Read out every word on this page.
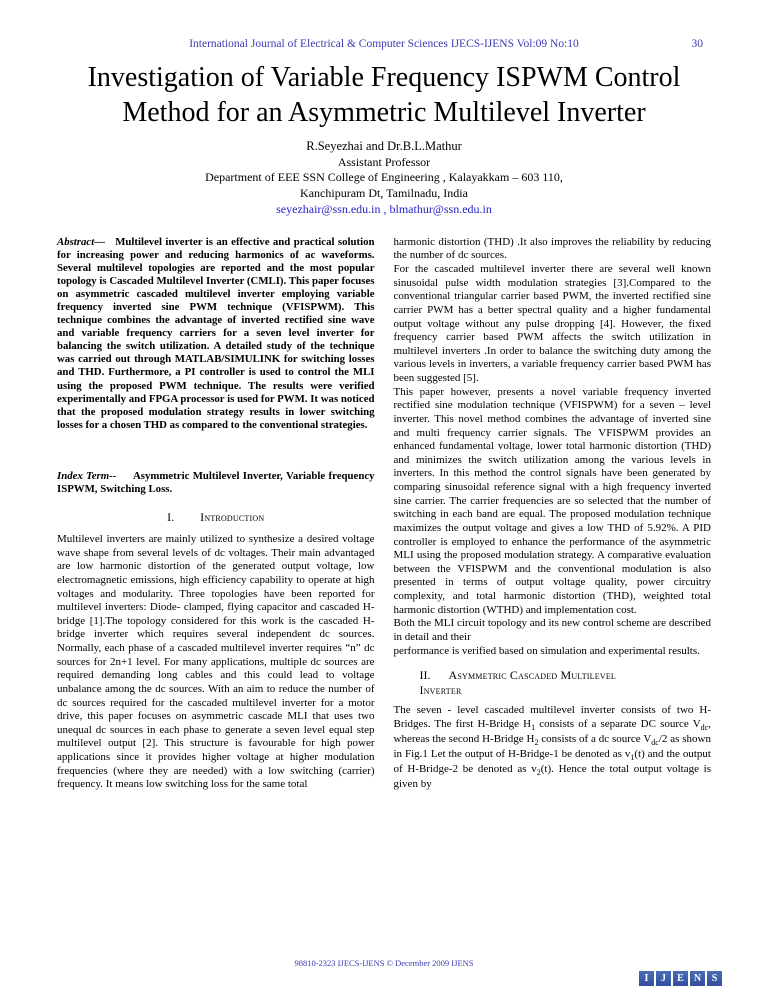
International Journal of Electrical & Computer Sciences IJECS-IJENS Vol:09 No:10	30
Investigation of Variable Frequency ISPWM Control Method for an Asymmetric Multilevel Inverter
R.Seyezhai and Dr.B.L.Mathur
Assistant Professor
Department of EEE SSN College of Engineering , Kalayakkam – 603 110,
Kanchipuram Dt, Tamilnadu, India
seyezhair@ssn.edu.in , blmathur@ssn.edu.in

Abstract— Multilevel inverter is an effective and practical solution for increasing power and reducing harmonics of ac waveforms. Several multilevel topologies are reported and the most popular topology is Cascaded Multilevel Inverter (CMLI). This paper focuses on asymmetric cascaded multilevel inverter employing variable frequency inverted sine PWM technique (VFISPWM). This technique combines the advantage of inverted rectified sine wave and variable frequency carriers for a seven level inverter for balancing the switch utilization. A detailed study of the technique was carried out through MATLAB/SIMULINK for switching losses and THD. Furthermore, a PI controller is used to control the MLI using the proposed PWM technique. The results were verified experimentally and FPGA processor is used for PWM. It was noticed that the proposed modulation strategy results in lower switching losses for a chosen THD as compared to the conventional strategies.

Index Term-- Asymmetric Multilevel Inverter, Variable frequency ISPWM, Switching Loss.

I. Introduction

Multilevel inverters are mainly utilized to synthesize a desired voltage wave shape from several levels of dc voltages. Their main advantaged are low harmonic distortion of the generated output voltage, low electromagnetic emissions, high efficiency capability to operate at high voltages and modularity. Three topologies have been reported for multilevel inverters: Diode- clamped, flying capacitor and cascaded H-bridge [1].The topology considered for this work is the cascaded H-bridge inverter which requires several independent dc sources. Normally, each phase of a cascaded multilevel inverter requires “n” dc sources for 2n+1 level. For many applications, multiple dc sources are required demanding long cables and this could lead to voltage unbalance among the dc sources. With an aim to reduce the number of dc sources required for the cascaded multilevel inverter for a motor drive, this paper focuses on asymmetric cascade MLI that uses two unequal dc sources in each phase to generate a seven level equal step multilevel output [2]. This structure is favourable for high power applications since it provides higher voltage at higher modulation frequencies (where they are needed) with a low switching (carrier) frequency. It means low switching loss for the same total

harmonic distortion (THD) .It also improves the reliability by reducing the number of dc sources.

For the cascaded multilevel inverter there are several well known sinusoidal pulse width modulation strategies [3].Compared to the conventional triangular carrier based PWM, the inverted rectified sine carrier PWM has a better spectral quality and a higher fundamental output voltage without any pulse dropping [4]. However, the fixed frequency carrier based PWM affects the switch utilization in multilevel inverters .In order to balance the switching duty among the various levels in inverters, a variable frequency carrier based PWM has been suggested [5].

This paper however, presents a novel variable frequency inverted rectified sine modulation technique (VFISPWM) for a seven – level inverter. This novel method combines the advantage of inverted sine and multi frequency carrier signals. The VFISPWM provides an enhanced fundamental voltage, lower total harmonic distortion (THD) and minimizes the switch utilization among the various levels in inverters. In this method the control signals have been generated by comparing sinusoidal reference signal with a high frequency inverted sine carrier. The carrier frequencies are so selected that the number of switching in each band are equal. The proposed modulation technique maximizes the output voltage and gives a low THD of 5.92%. A PID controller is employed to enhance the performance of the asymmetric MLI using the proposed modulation strategy. A comparative evaluation between the VFISPWM and the conventional modulation is also presented in terms of output voltage quality, power circuitry complexity, and total harmonic distortion (THD), weighted total harmonic distortion (WTHD) and implementation cost.

Both the MLI circuit topology and its new control scheme are described in detail and their

performance is verified based on simulation and experimental results.

II. Asymmetric Cascaded Multilevel Inverter

The seven - level cascaded multilevel inverter consists of two H-Bridges. The first H-Bridge $H_1$ consists of a separate DC source $V_{dc}$, whereas the second H-Bridge $H_2$ consists of a dc source $V_{dc}/2$ as shown in Fig.1 Let the output of H-Bridge-1 be denoted as $v_1(t)$ and the output of H-Bridge-2 be denoted as $v_2(t)$. Hence the total output voltage is given by

98810-2323 IJECS-IJENS © December 2009 IJENS
I	J	E	N	S
